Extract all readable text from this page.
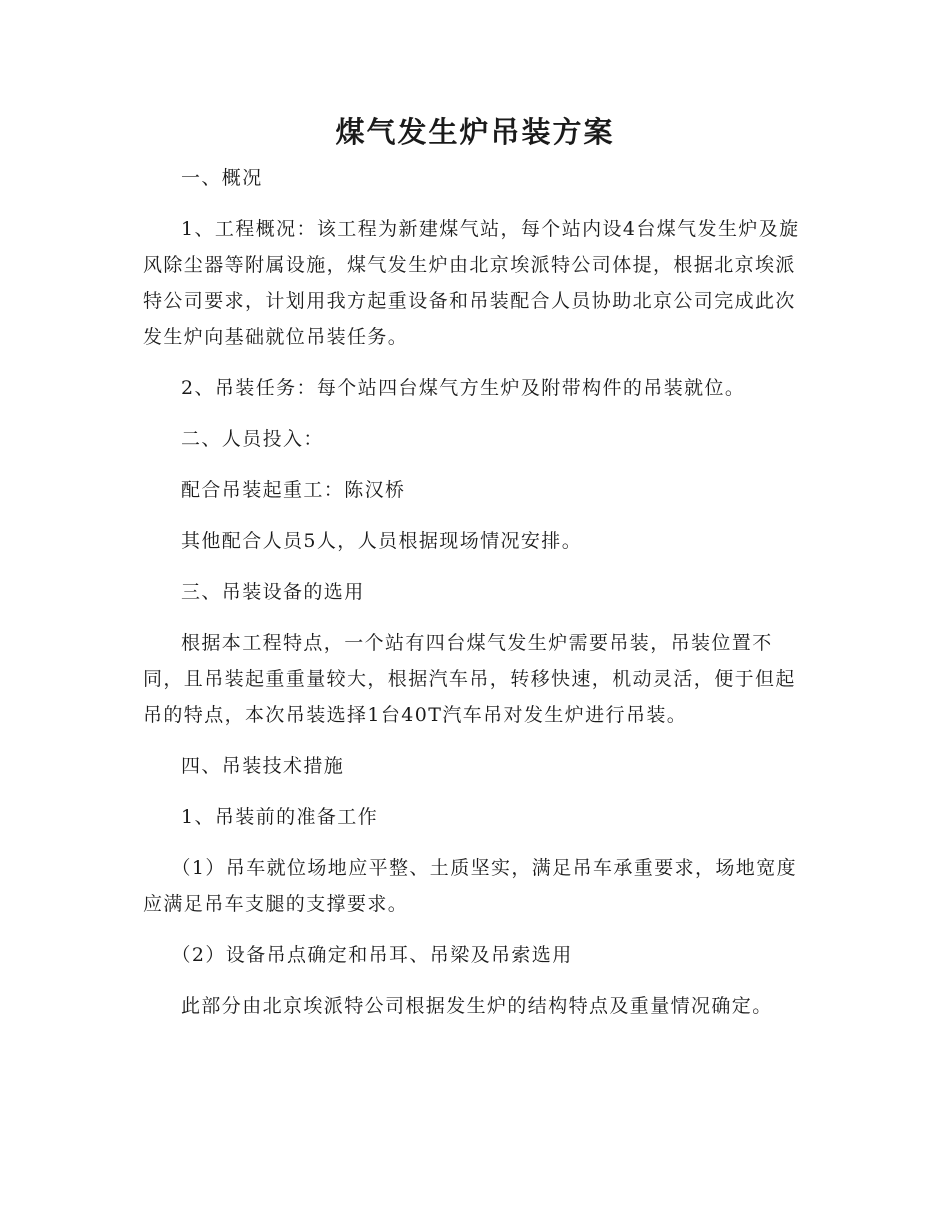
煤气发生炉吊装方案

一、概况

1、工程概况：该工程为新建煤气站，每个站内设4台煤气发生炉及旋风除尘器等附属设施，煤气发生炉由北京埃派特公司体提，根据北京埃派特公司要求，计划用我方起重设备和吊装配合人员协助北京公司完成此次发生炉向基础就位吊装任务。

2、吊装任务：每个站四台煤气方生炉及附带构件的吊装就位。

二、人员投入：

配合吊装起重工：陈汉桥

其他配合人员5人，人员根据现场情况安排。

三、吊装设备的选用

根据本工程特点，一个站有四台煤气发生炉需要吊装，吊装位置不同，且吊装起重重量较大，根据汽车吊，转移快速，机动灵活，便于但起吊的特点，本次吊装选择1台40T汽车吊对发生炉进行吊装。

四、吊装技术措施

1、吊装前的准备工作

（1）吊车就位场地应平整、土质坚实，满足吊车承重要求，场地宽度应满足吊车支腿的支撑要求。

（2）设备吊点确定和吊耳、吊梁及吊索选用

此部分由北京埃派特公司根据发生炉的结构特点及重量情况确定。
